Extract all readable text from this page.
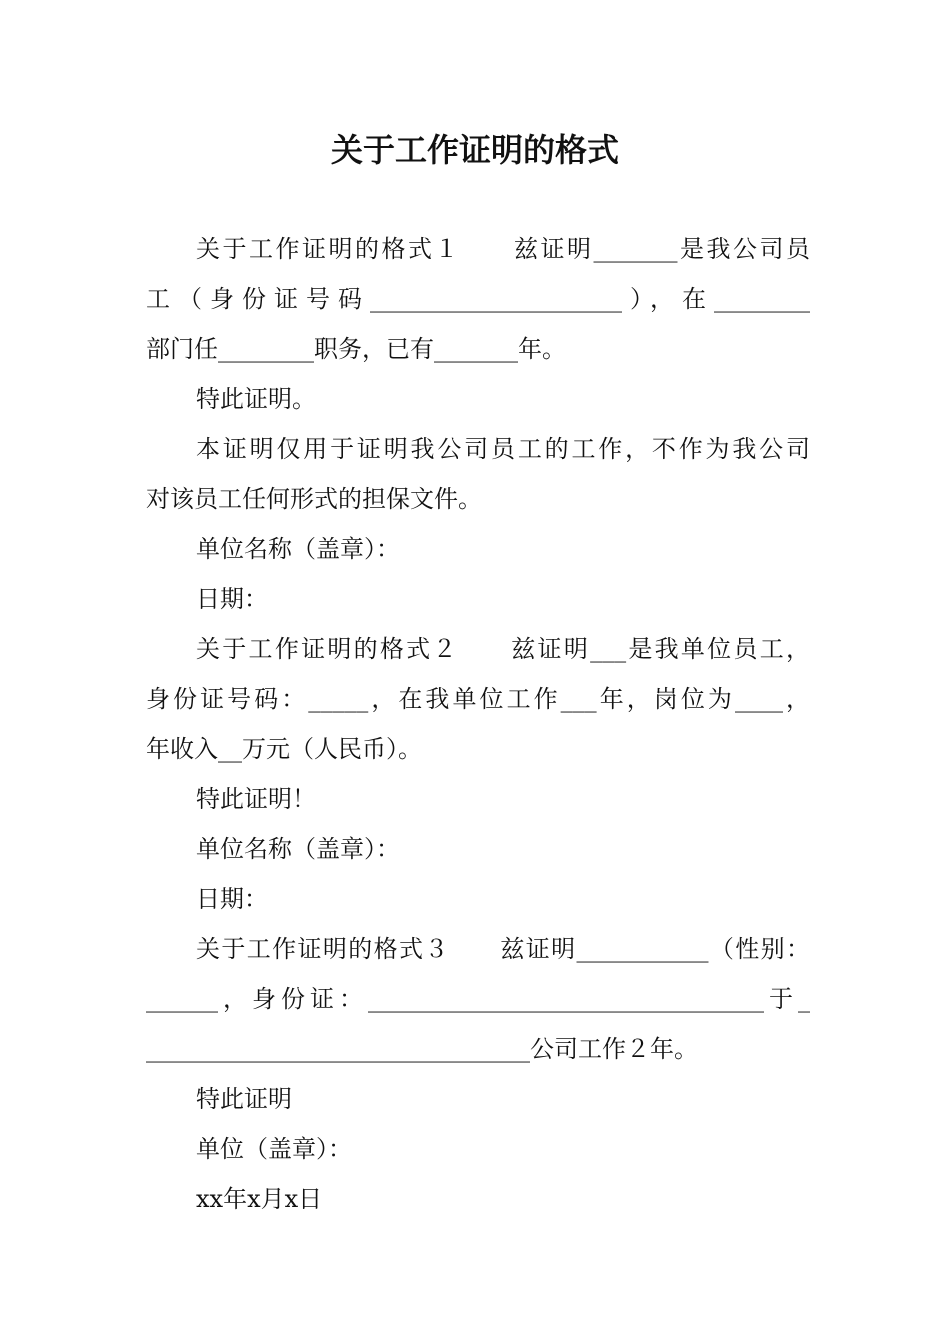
关于工作证明的格式
关于工作证明的格式１　　兹证明_______是我公司员
工（身份证号码_____________________），在________
部门任________职务，已有_______年。
特此证明。
本证明仅用于证明我公司员工的工作，不作为我公司
对该员工任何形式的担保文件。
单位名称（盖章）：
日期：
关于工作证明的格式２　　兹证明___是我单位员工，
身份证号码：_____，在我单位工作___年，岗位为____，
年收入__万元（人民币）。
特此证明！
单位名称（盖章）：
日期：
关于工作证明的格式３　　兹证明___________（性别：
______，身份证：_________________________________于_
________________________________公司工作２年。
特此证明
单位（盖章）：
xx年x月x日
